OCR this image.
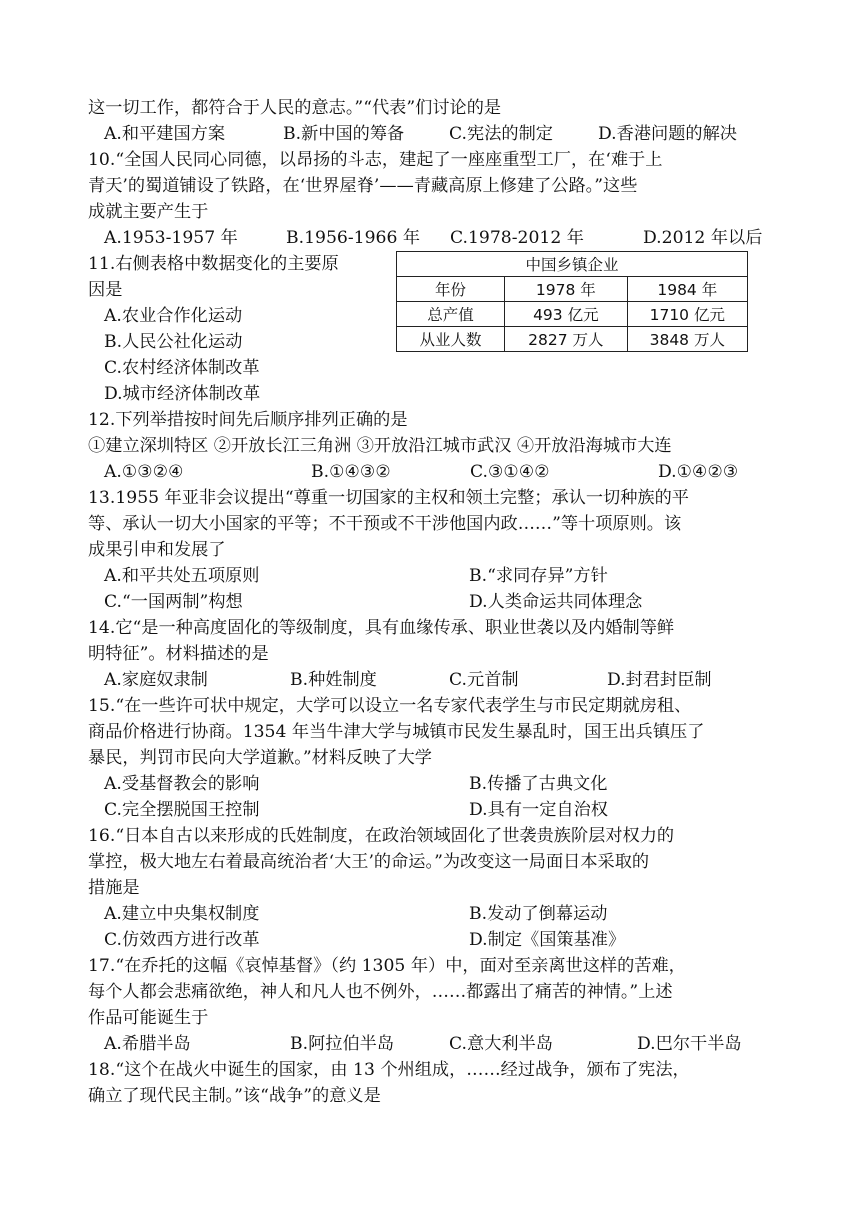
这一切工作，都符合于人民的意志。”“代表”们讨论的是
A.和平建国方案	B.新中国的筹备	C.宪法的制定	D.香港问题的解决
10.“全国人民同心同德，以昂扬的斗志，建起了一座座重型工厂，在‘难于上
青天’的蜀道铺设了铁路，在‘世界屋脊’——青藏高原上修建了公路。”这些
成就主要产生于
A.1953-1957 年	B.1956-1966 年 C.1978-2012 年	D.2012 年以后
11.右侧表格中数据变化的主要原
因是
A.农业合作化运动
B.人民公社化运动
C.农村经济体制改革
D.城市经济体制改革
中国乡镇企业		
年份	1978 年	1984 年
总产值	493 亿元	1710 亿元
从业人数	2827 万人	3848 万人
12.下列举措按时间先后顺序排列正确的是
①建立深圳特区 ②开放长江三角洲 ③开放沿江城市武汉 ④开放沿海城市大连
A.①③②④	B.①④③②	C.③①④②	D.①④②③
13.1955 年亚非会议提出“尊重一切国家的主权和领土完整；承认一切种族的平
等、承认一切大小国家的平等；不干预或不干涉他国内政……”等十项原则。该
成果引申和发展了
A.和平共处五项原则	B.“求同存异”方针
C.“一国两制”构想	D.人类命运共同体理念
14.它“是一种高度固化的等级制度，具有血缘传承、职业世袭以及内婚制等鲜
明特征”。材料描述的是
A.家庭奴隶制	B.种姓制度	C.元首制	D.封君封臣制
15.“在一些许可状中规定，大学可以设立一名专家代表学生与市民定期就房租、
商品价格进行协商。1354 年当牛津大学与城镇市民发生暴乱时，国王出兵镇压了
暴民，判罚市民向大学道歉。”材料反映了大学
A.受基督教会的影响	B.传播了古典文化
C.完全摆脱国王控制	D.具有一定自治权
16.“日本自古以来形成的氏姓制度，在政治领域固化了世袭贵族阶层对权力的
掌控，极大地左右着最高统治者‘大王’的命运。”为改变这一局面日本采取的
措施是
A.建立中央集权制度	B.发动了倒幕运动
C.仿效西方进行改革	D.制定《国策基准》
17.“在乔托的这幅《哀悼基督》（约 1305 年）中，面对至亲离世这样的苦难，
每个人都会悲痛欲绝，神人和凡人也不例外，……都露出了痛苦的神情。”上述
作品可能诞生于
A.希腊半岛	B.阿拉伯半岛	C.意大利半岛	D.巴尔干半岛
18.“这个在战火中诞生的国家，由 13 个州组成，……经过战争，颁布了宪法，
确立了现代民主制。”该“战争”的意义是
